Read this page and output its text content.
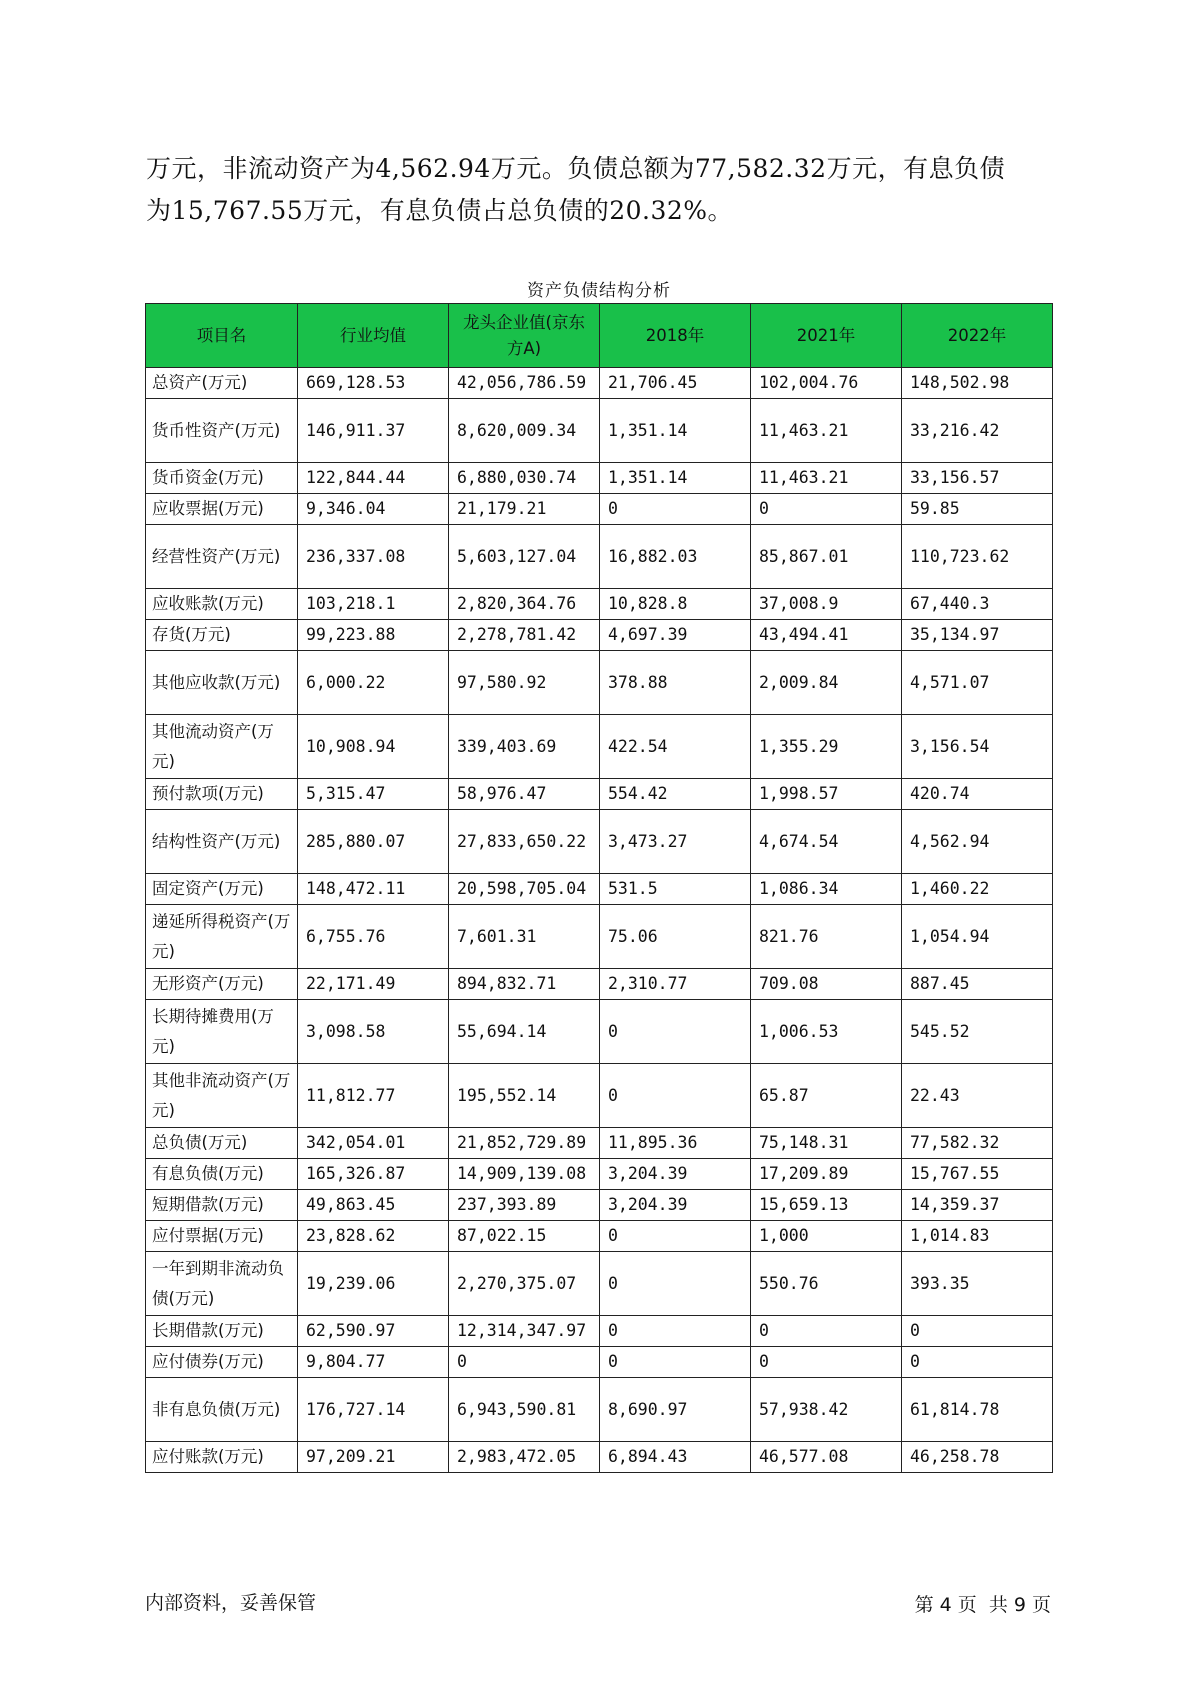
万元，非流动资产为4,562.94万元。负债总额为77,582.32万元，有息负债

为15,767.55万元，有息负债占总负债的20.32%。

资产负债结构分析
项目名	行业均值	龙头企业值(京东方A)	2018年	2021年	2022年
总资产(万元)	669,128.53	42,056,786.59	21,706.45	102,004.76	148,502.98
货币性资产(万元)	146,911.37	8,620,009.34	1,351.14	11,463.21	33,216.42
货币资金(万元)	122,844.44	6,880,030.74	1,351.14	11,463.21	33,156.57
应收票据(万元)	9,346.04	21,179.21	0	0	59.85
经营性资产(万元)	236,337.08	5,603,127.04	16,882.03	85,867.01	110,723.62
应收账款(万元)	103,218.1	2,820,364.76	10,828.8	37,008.9	67,440.3
存货(万元)	99,223.88	2,278,781.42	4,697.39	43,494.41	35,134.97
其他应收款(万元)	6,000.22	97,580.92	378.88	2,009.84	4,571.07
其他流动资产(万元)	10,908.94	339,403.69	422.54	1,355.29	3,156.54
预付款项(万元)	5,315.47	58,976.47	554.42	1,998.57	420.74
结构性资产(万元)	285,880.07	27,833,650.22	3,473.27	4,674.54	4,562.94
固定资产(万元)	148,472.11	20,598,705.04	531.5	1,086.34	1,460.22
递延所得税资产(万元)	6,755.76	7,601.31	75.06	821.76	1,054.94
无形资产(万元)	22,171.49	894,832.71	2,310.77	709.08	887.45
长期待摊费用(万元)	3,098.58	55,694.14	0	1,006.53	545.52
其他非流动资产(万元)	11,812.77	195,552.14	0	65.87	22.43
总负债(万元)	342,054.01	21,852,729.89	11,895.36	75,148.31	77,582.32
有息负债(万元)	165,326.87	14,909,139.08	3,204.39	17,209.89	15,767.55
短期借款(万元)	49,863.45	237,393.89	3,204.39	15,659.13	14,359.37
应付票据(万元)	23,828.62	87,022.15	0	1,000	1,014.83
一年到期非流动负债(万元)	19,239.06	2,270,375.07	0	550.76	393.35
长期借款(万元)	62,590.97	12,314,347.97	0	0	0
应付债券(万元)	9,804.77	0	0	0	0
非有息负债(万元)	176,727.14	6,943,590.81	8,690.97	57,938.42	61,814.78
应付账款(万元)	97,209.21	2,983,472.05	6,894.43	46,577.08	46,258.78
内部资料，妥善保管	第 4 页  共 9 页
